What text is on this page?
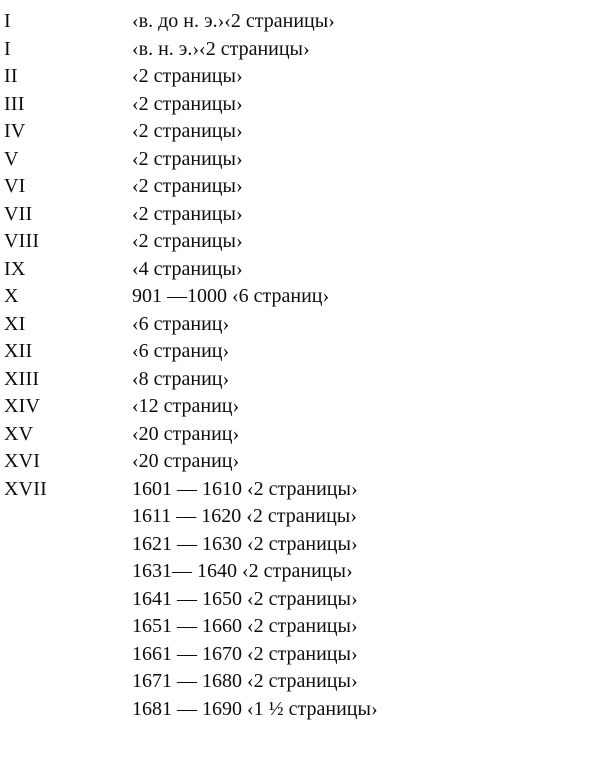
I	‹в. до н. э.›‹2 страницы›
I	‹в. н. э.›‹2 страницы›
II	‹2 страницы›
III	‹2 страницы›
IV	‹2 страницы›
V	‹2 страницы›
VI	‹2 страницы›
VII	‹2 страницы›
VIII	‹2 страницы›
IX	‹4 страницы›
X	901 —1000 ‹6 страниц›
XI	‹6 страниц›
XII	‹6 страниц›
XIII	‹8 страниц›
XIV	‹12 страниц›
XV	‹20 страниц›
XVI	‹20 страниц›
XVII	1601 — 1610 ‹2 страницы›
1611 — 1620 ‹2 страницы›
1621 — 1630 ‹2 страницы›
1631— 1640 ‹2 страницы›
1641 — 1650 ‹2 страницы›
1651 — 1660 ‹2 страницы›
1661 — 1670 ‹2 страницы›
1671 — 1680 ‹2 страницы›
1681 — 1690 ‹1 ½ страницы›
